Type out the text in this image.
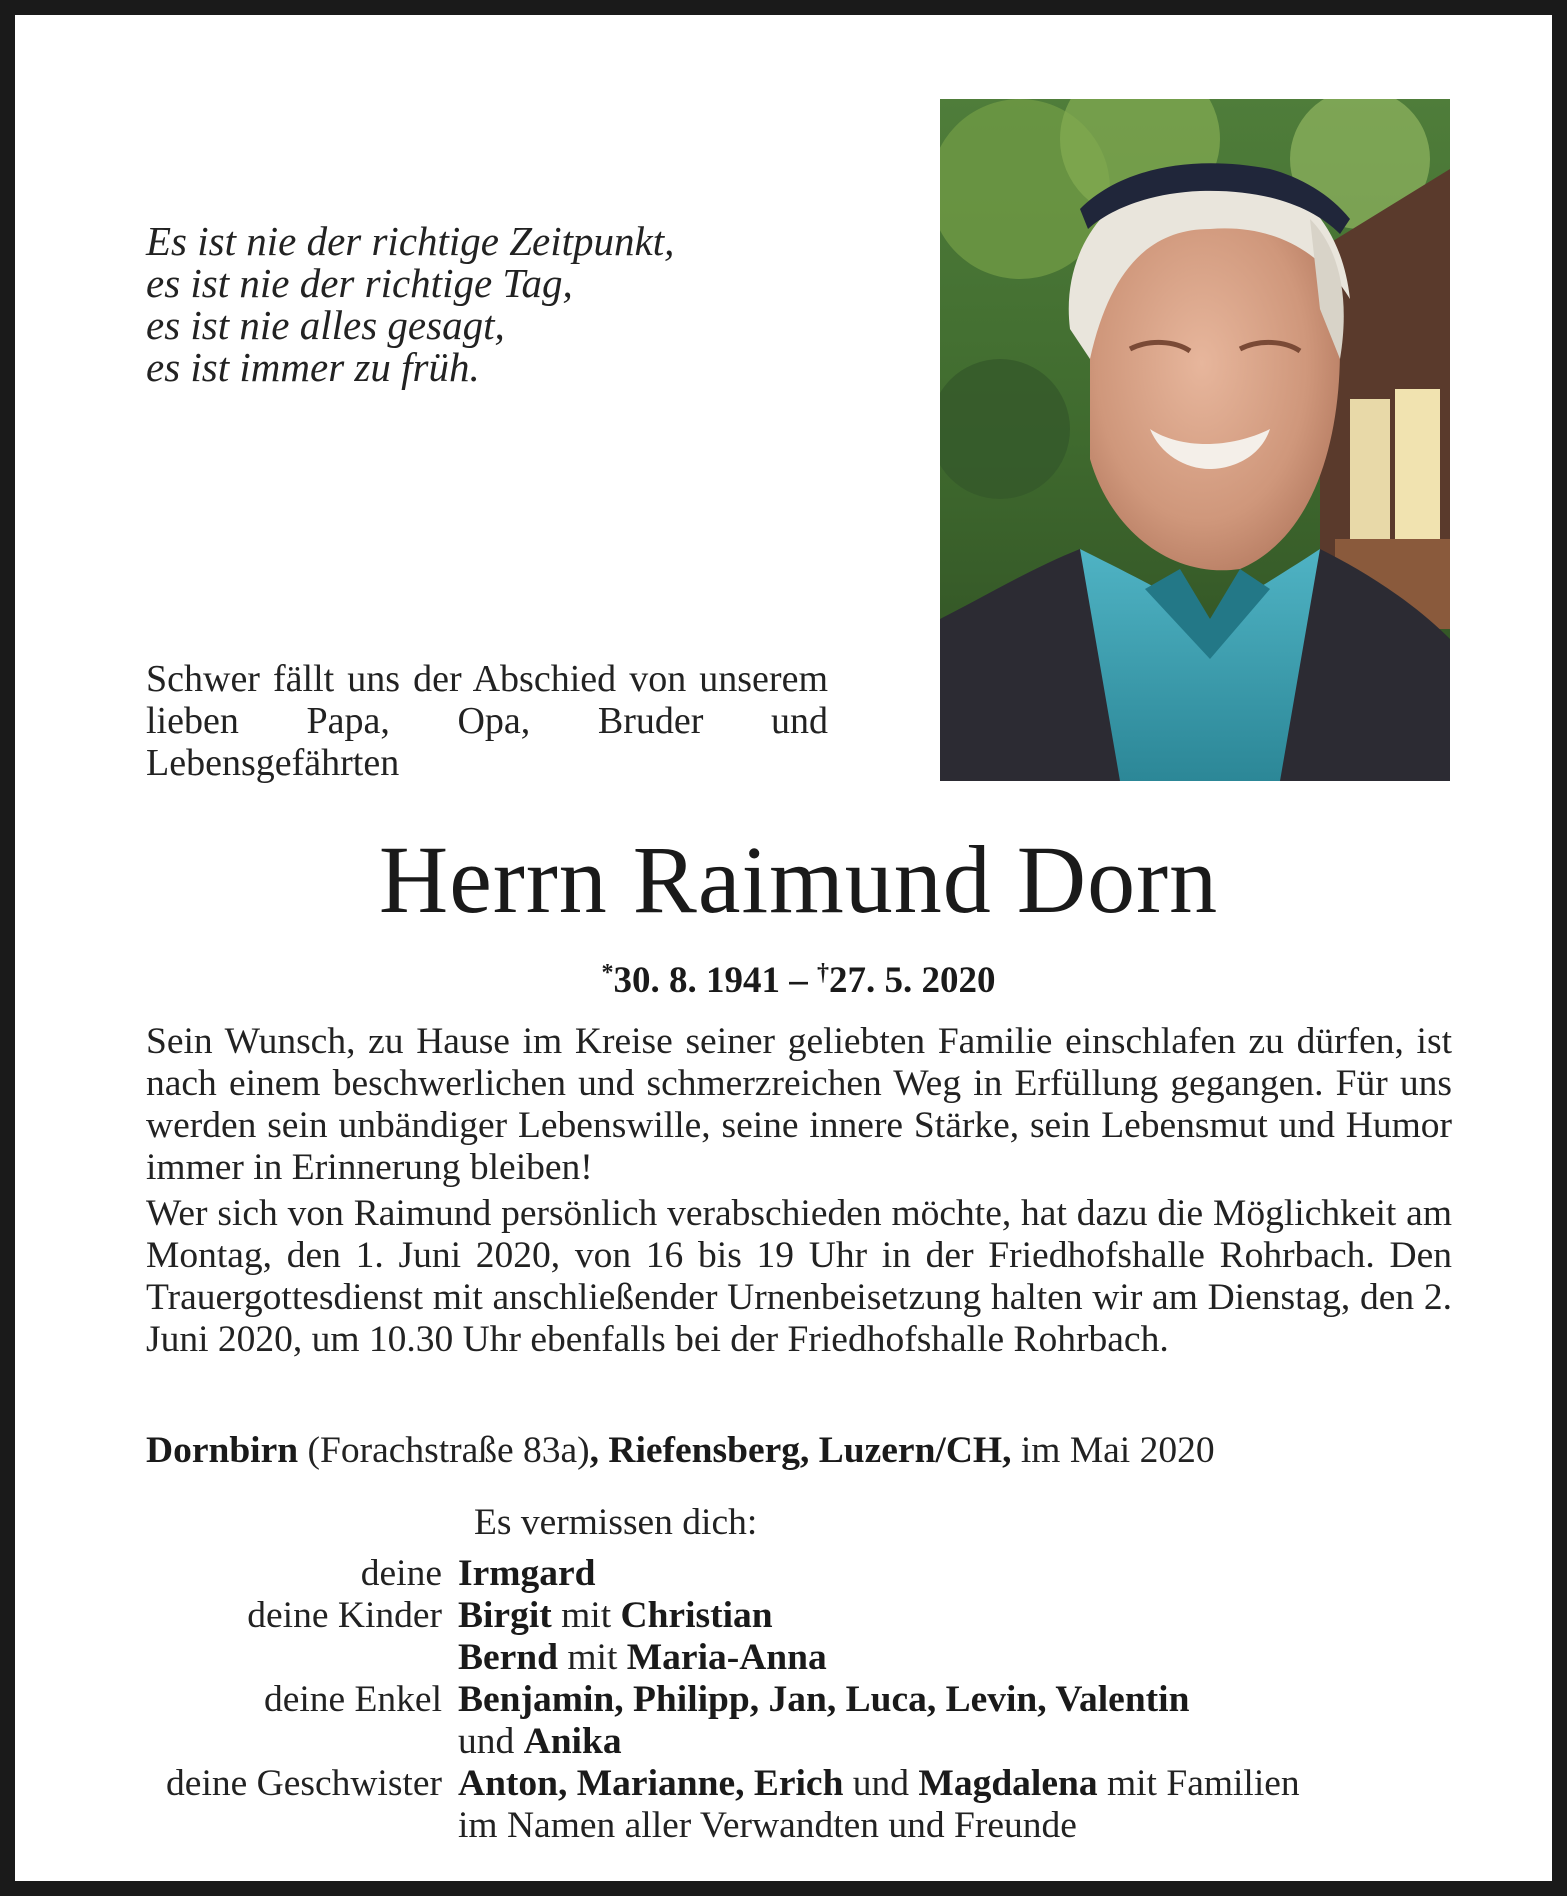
Es ist nie der richtige Zeitpunkt,
es ist nie der richtige Tag,
es ist nie alles gesagt,
es ist immer zu früh.
Schwer fällt uns der Abschied von unserem lieben Papa, Opa, Bruder und Lebensgefährten
Herrn Raimund Dorn
*30. 8. 1941 – †27. 5. 2020
Sein Wunsch, zu Hause im Kreise seiner geliebten Familie einschlafen zu dürfen, ist nach einem beschwerlichen und schmerzreichen Weg in Erfüllung gegangen. Für uns werden sein unbändiger Lebenswille, seine innere Stärke, sein Lebensmut und Humor immer in Erinnerung bleiben!
Wer sich von Raimund persönlich verabschieden möchte, hat dazu die Möglichkeit am Montag, den 1. Juni 2020, von 16 bis 19 Uhr in der Friedhofshalle Rohrbach. Den Trauergottesdienst mit anschließender Urnenbeisetzung halten wir am Dienstag, den 2. Juni 2020, um 10.30 Uhr ebenfalls bei der Friedhofshalle Rohrbach.
Dornbirn (Forachstraße 83a), Riefensberg, Luzern/CH, im Mai 2020
Es vermissen dich:
deine Irmgard
deine Kinder Birgit mit Christian
Bernd mit Maria-Anna
deine Enkel Benjamin, Philipp, Jan, Luca, Levin, Valentin
und Anika
deine Geschwister Anton, Marianne, Erich und Magdalena mit Familien
im Namen aller Verwandten und Freunde
